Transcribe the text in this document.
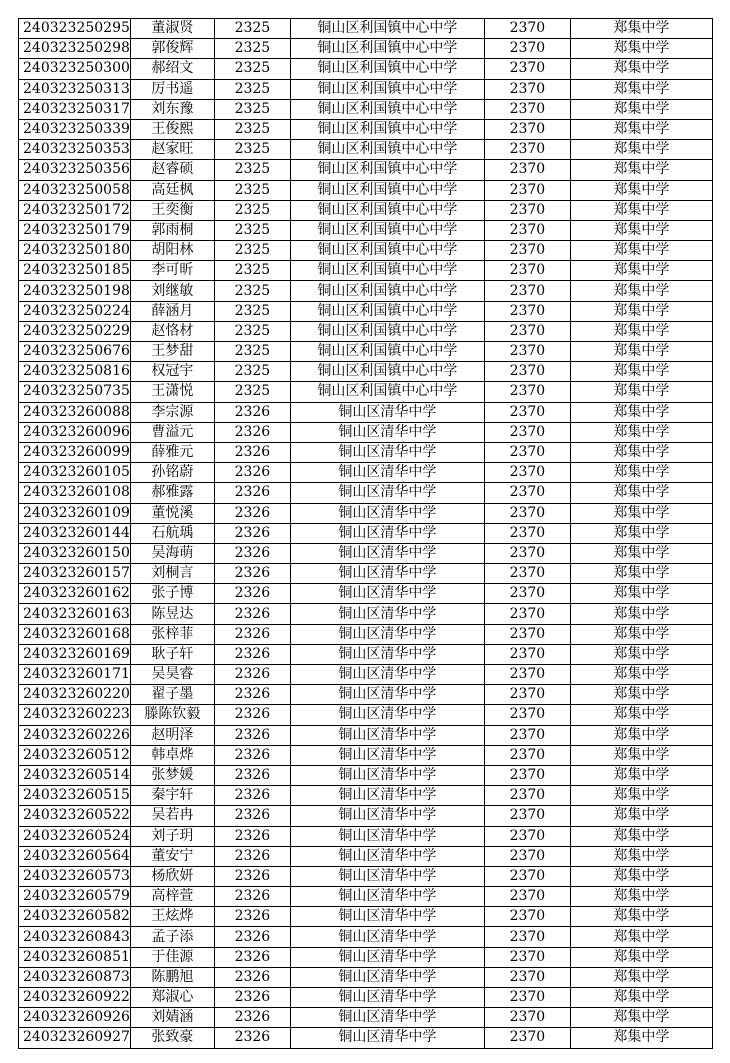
240323250295	董淑贤	2325	铜山区利国镇中心中学	2370	郑集中学
240323250298	郭俊辉	2325	铜山区利国镇中心中学	2370	郑集中学
240323250300	郝绍文	2325	铜山区利国镇中心中学	2370	郑集中学
240323250313	厉书遥	2325	铜山区利国镇中心中学	2370	郑集中学
240323250317	刘东豫	2325	铜山区利国镇中心中学	2370	郑集中学
240323250339	王俊熙	2325	铜山区利国镇中心中学	2370	郑集中学
240323250353	赵家旺	2325	铜山区利国镇中心中学	2370	郑集中学
240323250356	赵睿硕	2325	铜山区利国镇中心中学	2370	郑集中学
240323250058	高廷枫	2325	铜山区利国镇中心中学	2370	郑集中学
240323250172	王奕衡	2325	铜山区利国镇中心中学	2370	郑集中学
240323250179	郭雨桐	2325	铜山区利国镇中心中学	2370	郑集中学
240323250180	胡阳林	2325	铜山区利国镇中心中学	2370	郑集中学
240323250185	李可昕	2325	铜山区利国镇中心中学	2370	郑集中学
240323250198	刘继敏	2325	铜山区利国镇中心中学	2370	郑集中学
240323250224	薛涵月	2325	铜山区利国镇中心中学	2370	郑集中学
240323250229	赵恪材	2325	铜山区利国镇中心中学	2370	郑集中学
240323250676	王梦甜	2325	铜山区利国镇中心中学	2370	郑集中学
240323250816	权冠宇	2325	铜山区利国镇中心中学	2370	郑集中学
240323250735	王潇悦	2325	铜山区利国镇中心中学	2370	郑集中学
240323260088	李宗源	2326	铜山区清华中学	2370	郑集中学
240323260096	曹溢元	2326	铜山区清华中学	2370	郑集中学
240323260099	薛雅元	2326	铜山区清华中学	2370	郑集中学
240323260105	孙铭蔚	2326	铜山区清华中学	2370	郑集中学
240323260108	郝雅露	2326	铜山区清华中学	2370	郑集中学
240323260109	董悦溪	2326	铜山区清华中学	2370	郑集中学
240323260144	石航瑀	2326	铜山区清华中学	2370	郑集中学
240323260150	吴海萌	2326	铜山区清华中学	2370	郑集中学
240323260157	刘桐言	2326	铜山区清华中学	2370	郑集中学
240323260162	张子博	2326	铜山区清华中学	2370	郑集中学
240323260163	陈昱达	2326	铜山区清华中学	2370	郑集中学
240323260168	张梓菲	2326	铜山区清华中学	2370	郑集中学
240323260169	耿子轩	2326	铜山区清华中学	2370	郑集中学
240323260171	吴昊睿	2326	铜山区清华中学	2370	郑集中学
240323260220	翟子墨	2326	铜山区清华中学	2370	郑集中学
240323260223	滕陈钦毅	2326	铜山区清华中学	2370	郑集中学
240323260226	赵明泽	2326	铜山区清华中学	2370	郑集中学
240323260512	韩卓烨	2326	铜山区清华中学	2370	郑集中学
240323260514	张梦媛	2326	铜山区清华中学	2370	郑集中学
240323260515	秦宇轩	2326	铜山区清华中学	2370	郑集中学
240323260522	吴若冉	2326	铜山区清华中学	2370	郑集中学
240323260524	刘子玥	2326	铜山区清华中学	2370	郑集中学
240323260564	董安宁	2326	铜山区清华中学	2370	郑集中学
240323260573	杨欣妍	2326	铜山区清华中学	2370	郑集中学
240323260579	高梓萱	2326	铜山区清华中学	2370	郑集中学
240323260582	王炫烨	2326	铜山区清华中学	2370	郑集中学
240323260843	孟子添	2326	铜山区清华中学	2370	郑集中学
240323260851	于佳源	2326	铜山区清华中学	2370	郑集中学
240323260873	陈鹏旭	2326	铜山区清华中学	2370	郑集中学
240323260922	郑淑心	2326	铜山区清华中学	2370	郑集中学
240323260926	刘婧涵	2326	铜山区清华中学	2370	郑集中学
240323260927	张致豪	2326	铜山区清华中学	2370	郑集中学
